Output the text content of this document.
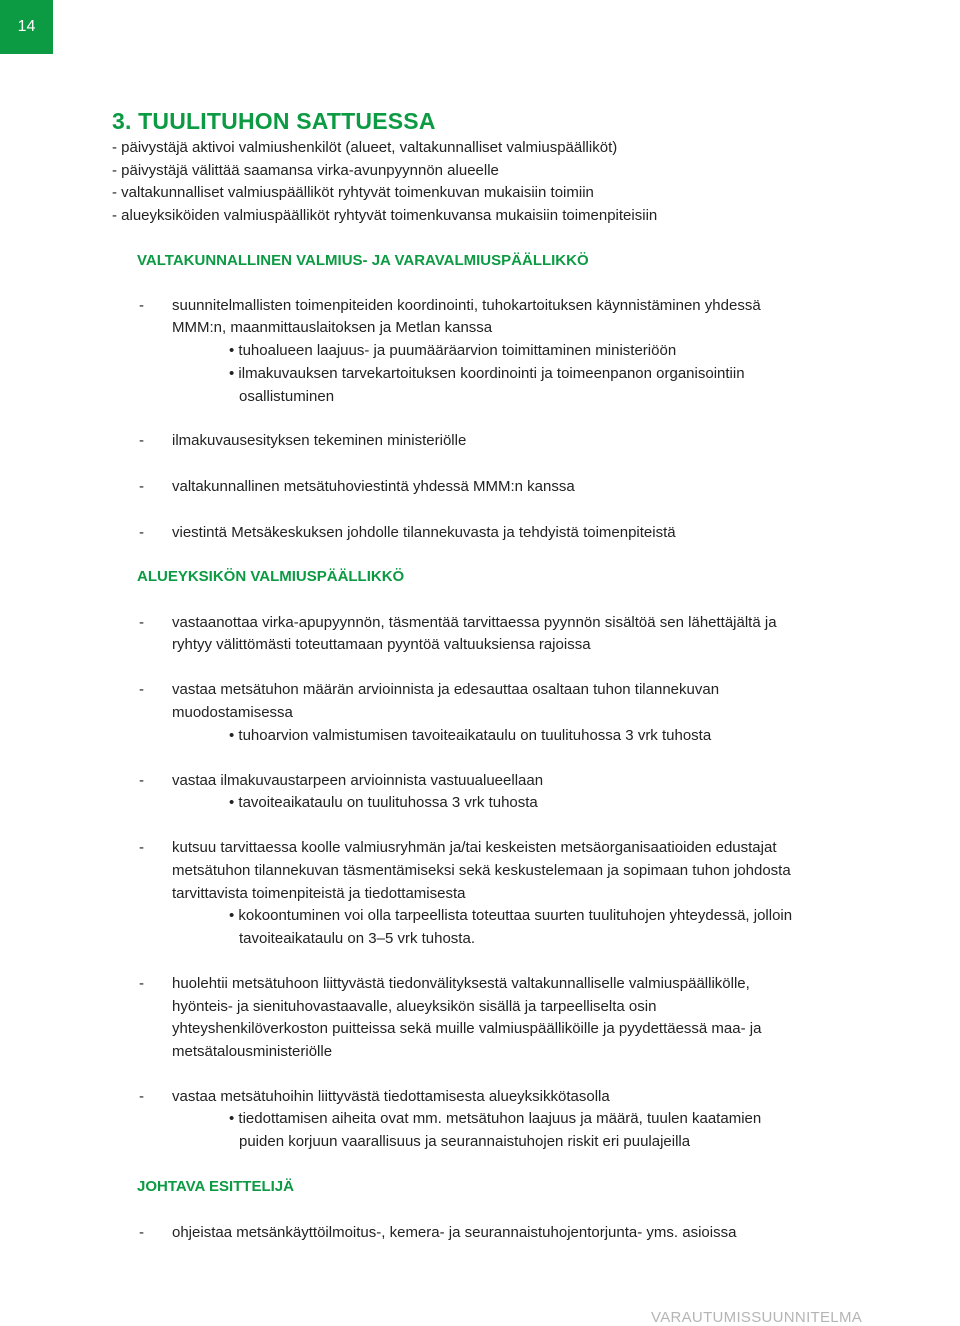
14
3. TUULITUHON SATTUESSA
- päivystäjä aktivoi valmiushenkilöt (alueet, valtakunnalliset valmiuspäälliköt)
- päivystäjä välittää saamansa virka-avunpyynnön alueelle
- valtakunnalliset valmiuspäälliköt ryhtyvät toimenkuvan mukaisiin toimiin
- alueyksiköiden valmiuspäälliköt ryhtyvät toimenkuvansa mukaisiin toimenpiteisiin
VALTAKUNNALLINEN VALMIUS- JA VARAVALMIUSPÄÄLLIKKÖ
- suunnitelmallisten toimenpiteiden koordinointi, tuhokartoituksen käynnistäminen yhdessä
MMM:n, maanmittauslaitoksen ja Metlan kanssa
• tuhoalueen laajuus- ja puumääräarvion toimittaminen ministeriöön
• ilmakuvauksen tarvekartoituksen koordinointi ja toimeenpanon organisointiin
osallistuminen
- ilmakuvausesityksen tekeminen ministeriölle
- valtakunnallinen metsätuhoviestintä yhdessä MMM:n kanssa
- viestintä Metsäkeskuksen johdolle tilannekuvasta ja tehdyistä toimenpiteistä
ALUEYKSIKÖN VALMIUSPÄÄLLIKKÖ
- vastaanottaa virka-apupyynnön, täsmentää tarvittaessa pyynnön sisältöä sen lähettäjältä ja
ryhtyy välittömästi toteuttamaan pyyntöä valtuuksiensa rajoissa
- vastaa metsätuhon määrän arvioinnista ja edesauttaa osaltaan tuhon tilannekuvan
muodostamisessa
• tuhoarvion valmistumisen tavoiteaikataulu on tuulituhossa 3 vrk tuhosta
- vastaa ilmakuvaustarpeen arvioinnista vastuualueellaan
• tavoiteaikataulu on tuulituhossa 3 vrk tuhosta
- kutsuu tarvittaessa koolle valmiusryhmän ja/tai keskeisten metsäorganisaatioiden edustajat
metsätuhon tilannekuvan täsmentämiseksi sekä keskustelemaan ja sopimaan tuhon johdosta
tarvittavista toimenpiteistä ja tiedottamisesta
• kokoontuminen voi olla tarpeellista toteuttaa suurten tuulituhojen yhteydessä, jolloin
tavoiteaikataulu on 3–5 vrk tuhosta.
- huolehtii metsätuhoon liittyvästä tiedonvälityksestä valtakunnalliselle valmiuspäällikölle,
hyönteis- ja sienituhovastaavalle, alueyksikön sisällä ja tarpeelliselta osin
yhteyshenkilöverkoston puitteissa sekä muille valmiuspäälliköille ja pyydettäessä maa- ja
metsätalousministeriölle
- vastaa metsätuhoihin liittyvästä tiedottamisesta alueyksikkötasolla
• tiedottamisen aiheita ovat mm. metsätuhon laajuus ja määrä, tuulen kaatamien
puiden korjuun vaarallisuus ja seurannaistuhojen riskit eri puulajeilla
JOHTAVA ESITTELIJÄ
- ohjeistaa metsänkäyttöilmoitus-, kemera- ja seurannaistuhojentorjunta- yms. asioissa
VARAUTUMISSUUNNITELMA
